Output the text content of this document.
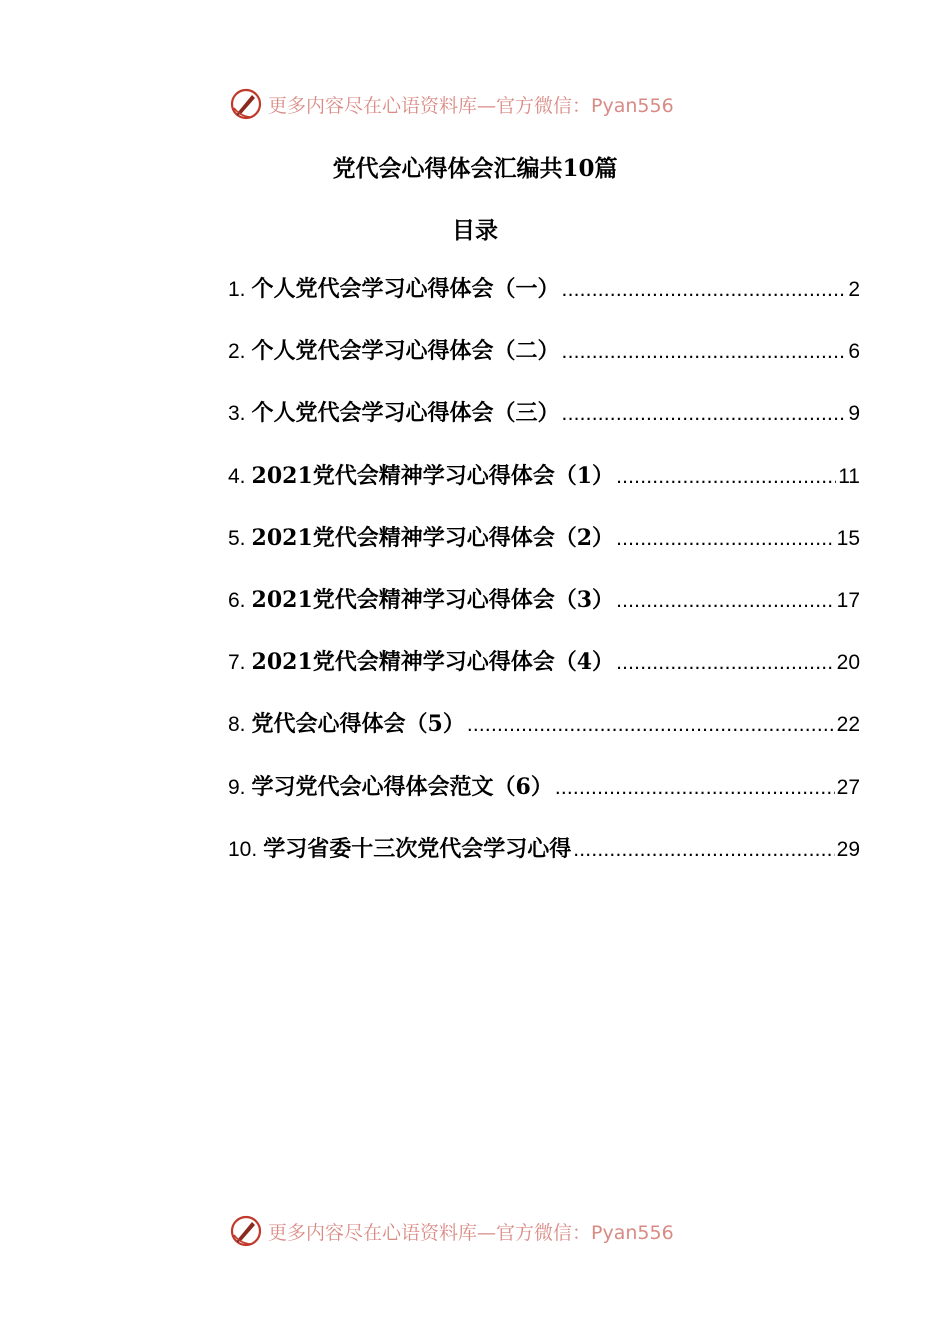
更多内容尽在心语资料库—官方微信：Pyan556
党代会心得体会汇编共10篇
目录
1. 个人党代会学习心得体会（一） .....	2
2. 个人党代会学习心得体会（二） .....	6
3. 个人党代会学习心得体会（三） .....	9
4. 2021党代会精神学习心得体会（1） .....	11
5. 2021党代会精神学习心得体会（2） .....	15
6. 2021党代会精神学习心得体会（3） .....	17
7. 2021党代会精神学习心得体会（4） .....	20
8. 党代会心得体会（5） .....	22
9. 学习党代会心得体会范文（6） .....	27
10. 学习省委十三次党代会学习心得 .....	29
更多内容尽在心语资料库—官方微信：Pyan556
